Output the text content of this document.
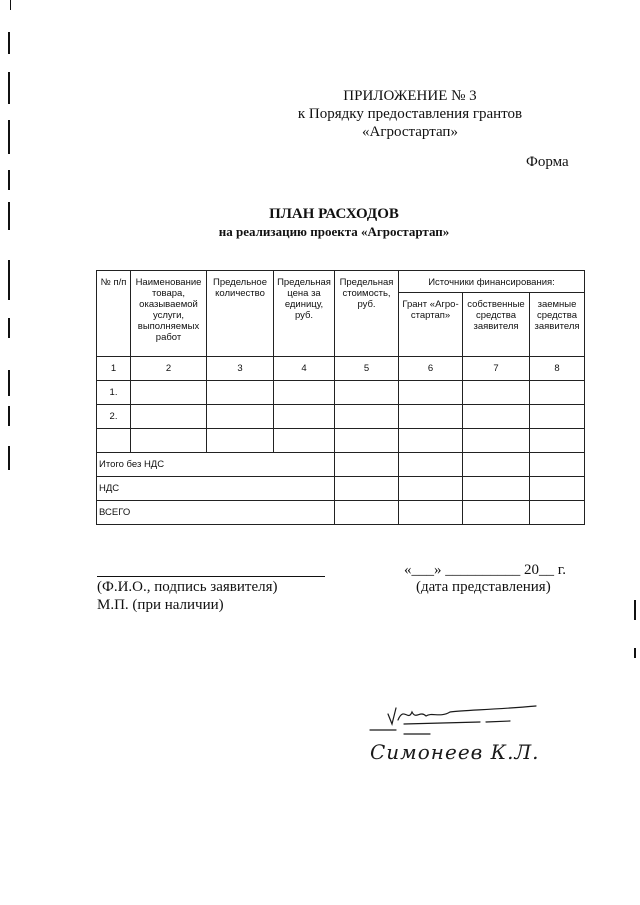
ПРИЛОЖЕНИЕ № 3
к Порядку предоставления грантов
«Агростартап»
Форма
ПЛАН РАСХОДОВ
на реализацию проекта «Агростартап»
№ п/п	Наименование товара, оказываемой услуги, выполняемых работ	Предельное количество	Предельная цена за единицу, руб.	Предельная стоимость, руб.	Источники финансирования:		
					Грант «Агро-стартап»	собственные средства заявителя	заемные средства заявителя
1	2	3	4	5	6	7	8
1.							
2.							

Итого без НДС							
НДС							
ВСЕГО							
(Ф.И.О., подпись заявителя)
М.П. (при наличии)
«___» __________ 20__ г.
(дата представления)
Симонеев К.Л.
